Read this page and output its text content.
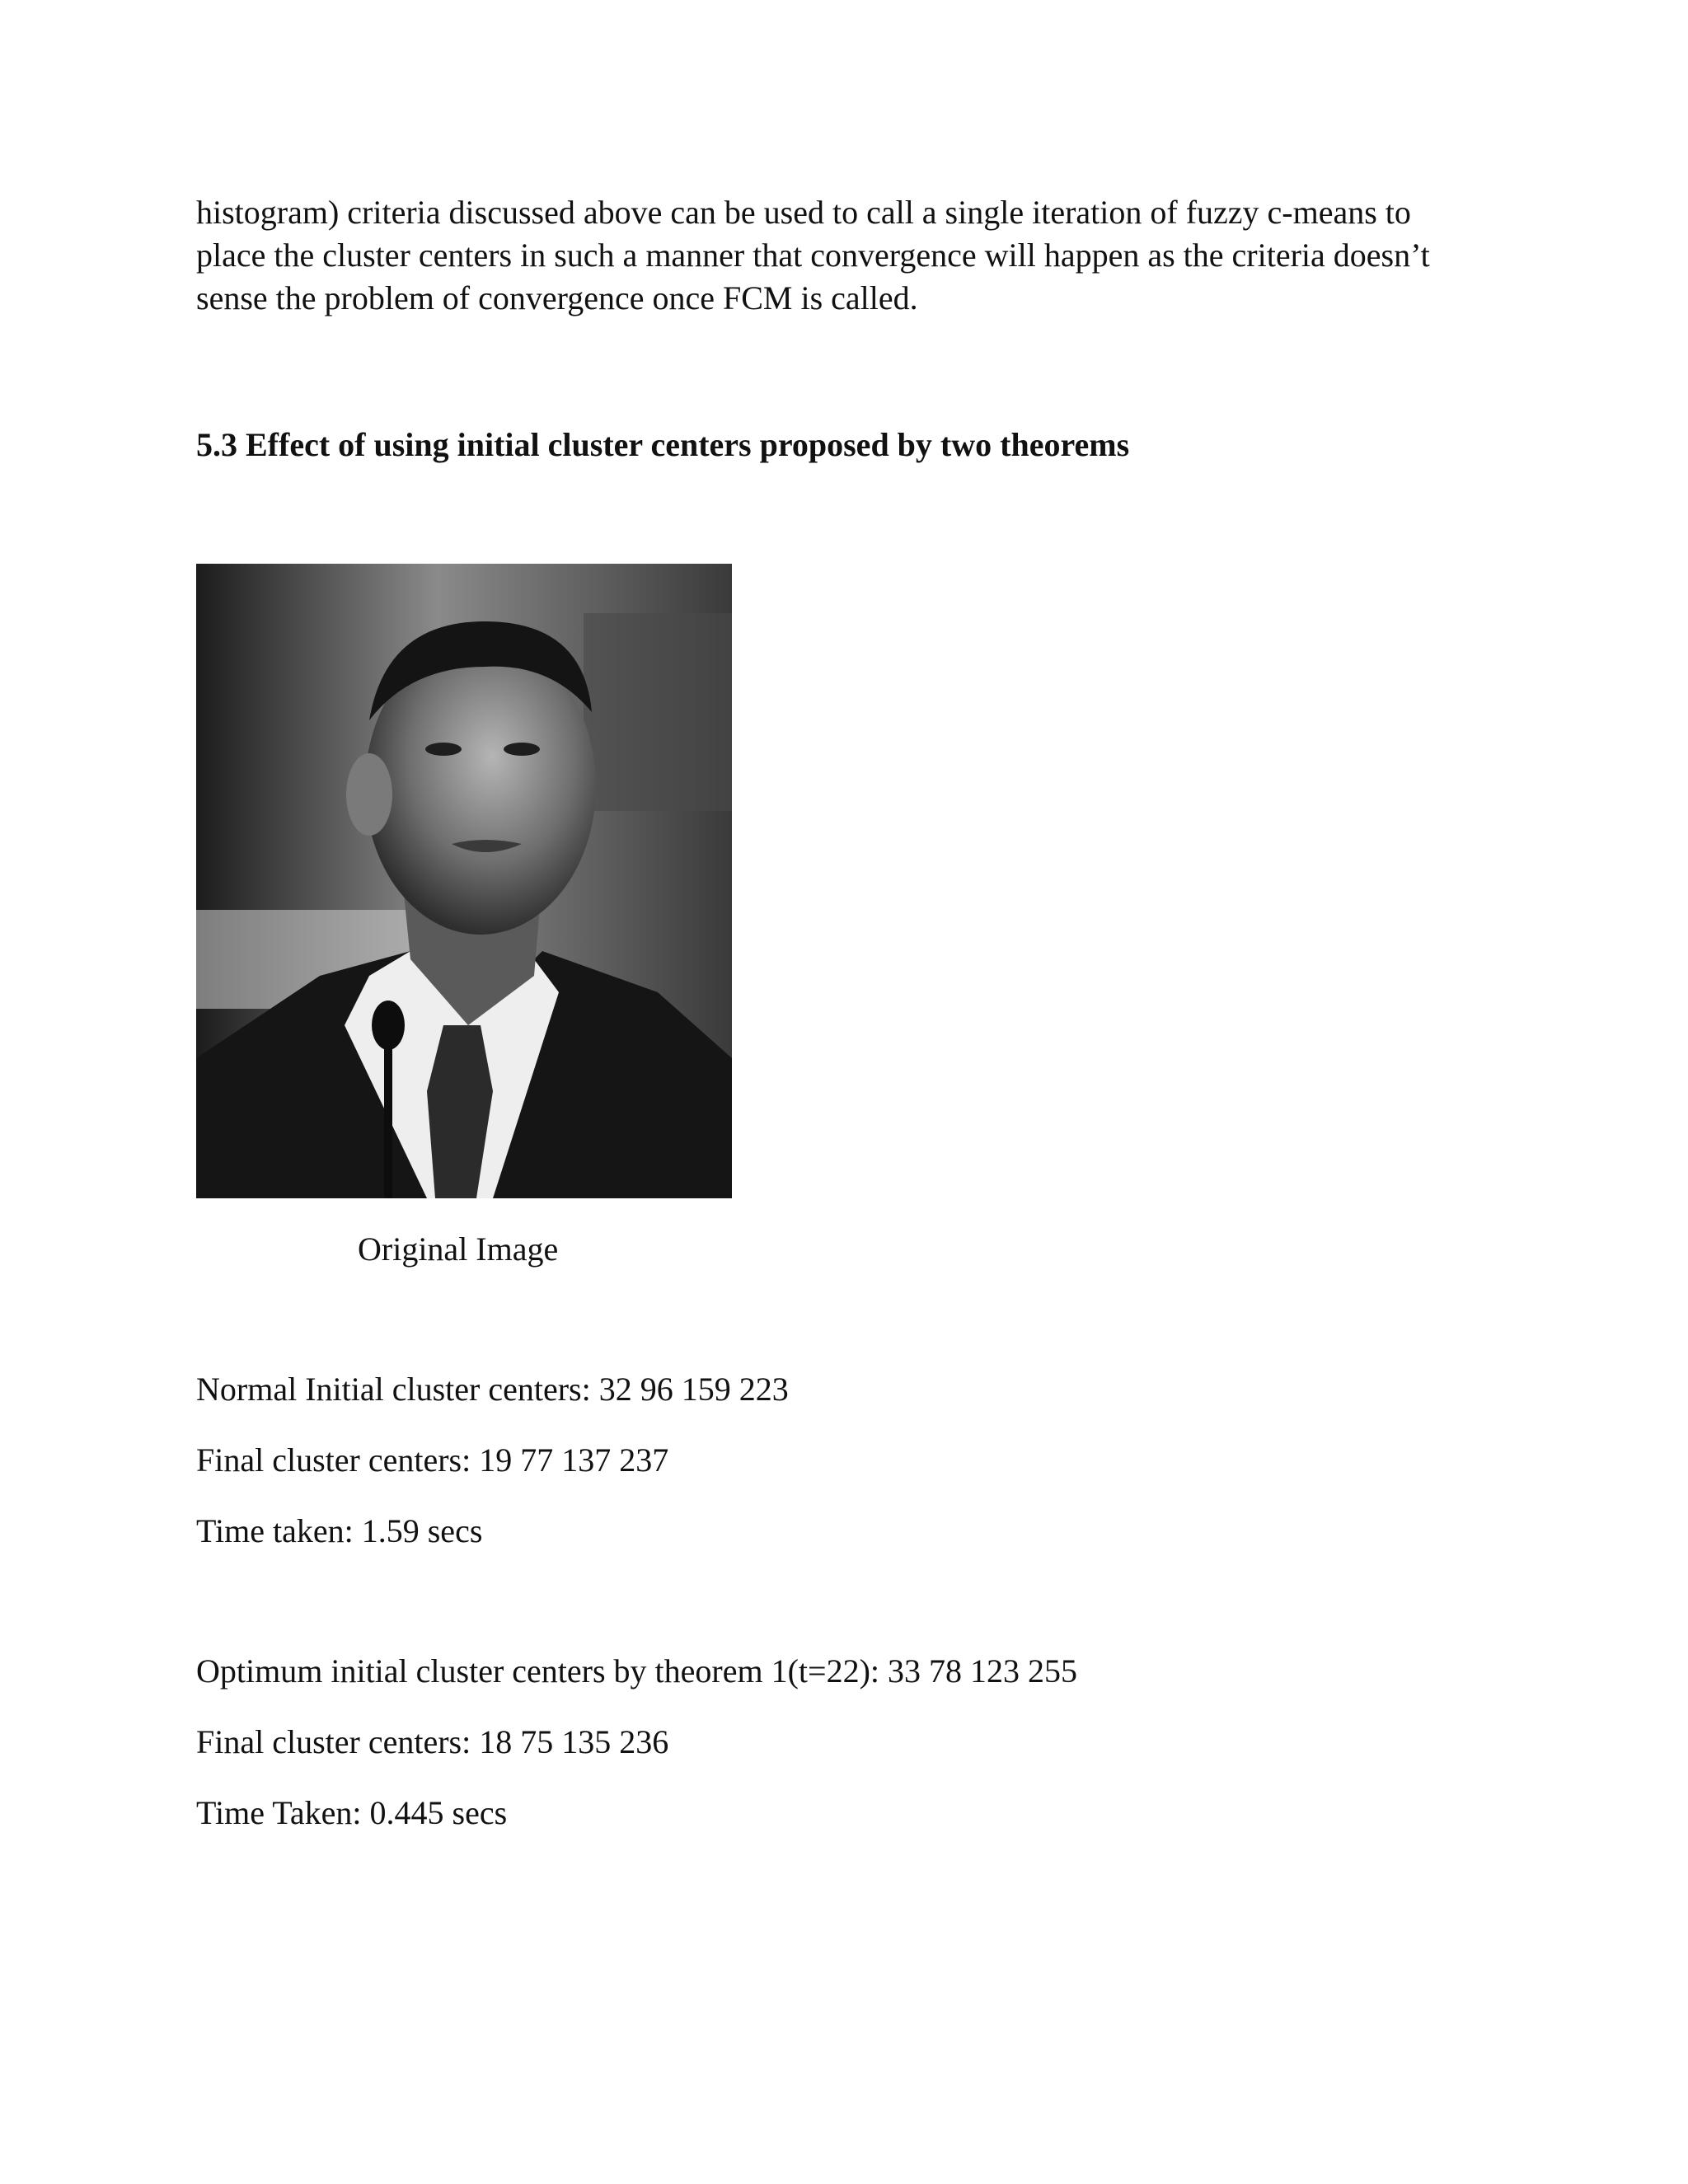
histogram) criteria discussed above can be used to call a single iteration of fuzzy c-means to
place the cluster centers in such a manner that convergence will happen as the criteria doesn’t
sense the problem of convergence once FCM is called.
5.3 Effect of using initial cluster centers proposed by two theorems
Original Image
Normal Initial cluster centers: 32 96 159 223
Final cluster centers: 19 77 137 237
Time taken: 1.59 secs
Optimum initial cluster centers by theorem 1(t=22): 33 78 123 255
Final cluster centers: 18 75 135 236
Time Taken: 0.445 secs
